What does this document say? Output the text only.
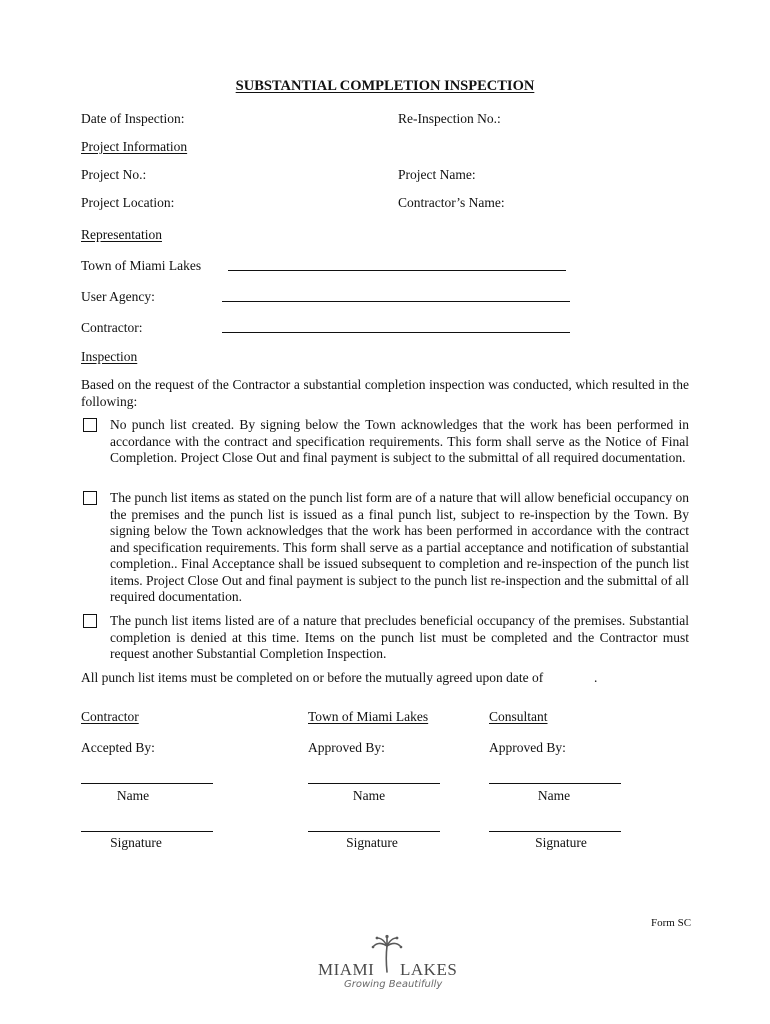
SUBSTANTIAL COMPLETION INSPECTION
Date of Inspection:	Re-Inspection No.:
Project Information
Project No.:	Project Name:
Project Location:	Contractor’s Name:
Representation
Town of Miami Lakes
User Agency:
Contractor:
Inspection
Based on the request of the Contractor a substantial completion inspection was conducted, which resulted in the following:
No punch list created. By signing below the Town acknowledges that the work has been performed in accordance with the contract and specification requirements. This form shall serve as the Notice of Final Completion. Project Close Out and final payment is subject to the submittal of all required documentation.
The punch list items as stated on the punch list form are of a nature that will allow beneficial occupancy on the premises and the punch list is issued as a final punch list, subject to re-inspection by the Town. By signing below the Town acknowledges that the work has been performed in accordance with the contract and specification requirements. This form shall serve as a partial acceptance and notification of substantial completion.. Final Acceptance shall be issued subsequent to completion and re-inspection of the punch list items. Project Close Out and final payment is subject to the punch list re-inspection and the submittal of all required documentation.
The punch list items listed are of a nature that precludes beneficial occupancy of the premises. Substantial completion is denied at this time. Items on the punch list must be completed and the Contractor must request another Substantial Completion Inspection.
All punch list items must be completed on or before the mutually agreed upon date of	.
Contractor
Accepted By:
Name
Signature
Town of Miami Lakes
Approved By:
Name
Signature
Consultant
Approved By:
Name
Signature
Form SC
MIAMI LAKES
Growing Beautifully
